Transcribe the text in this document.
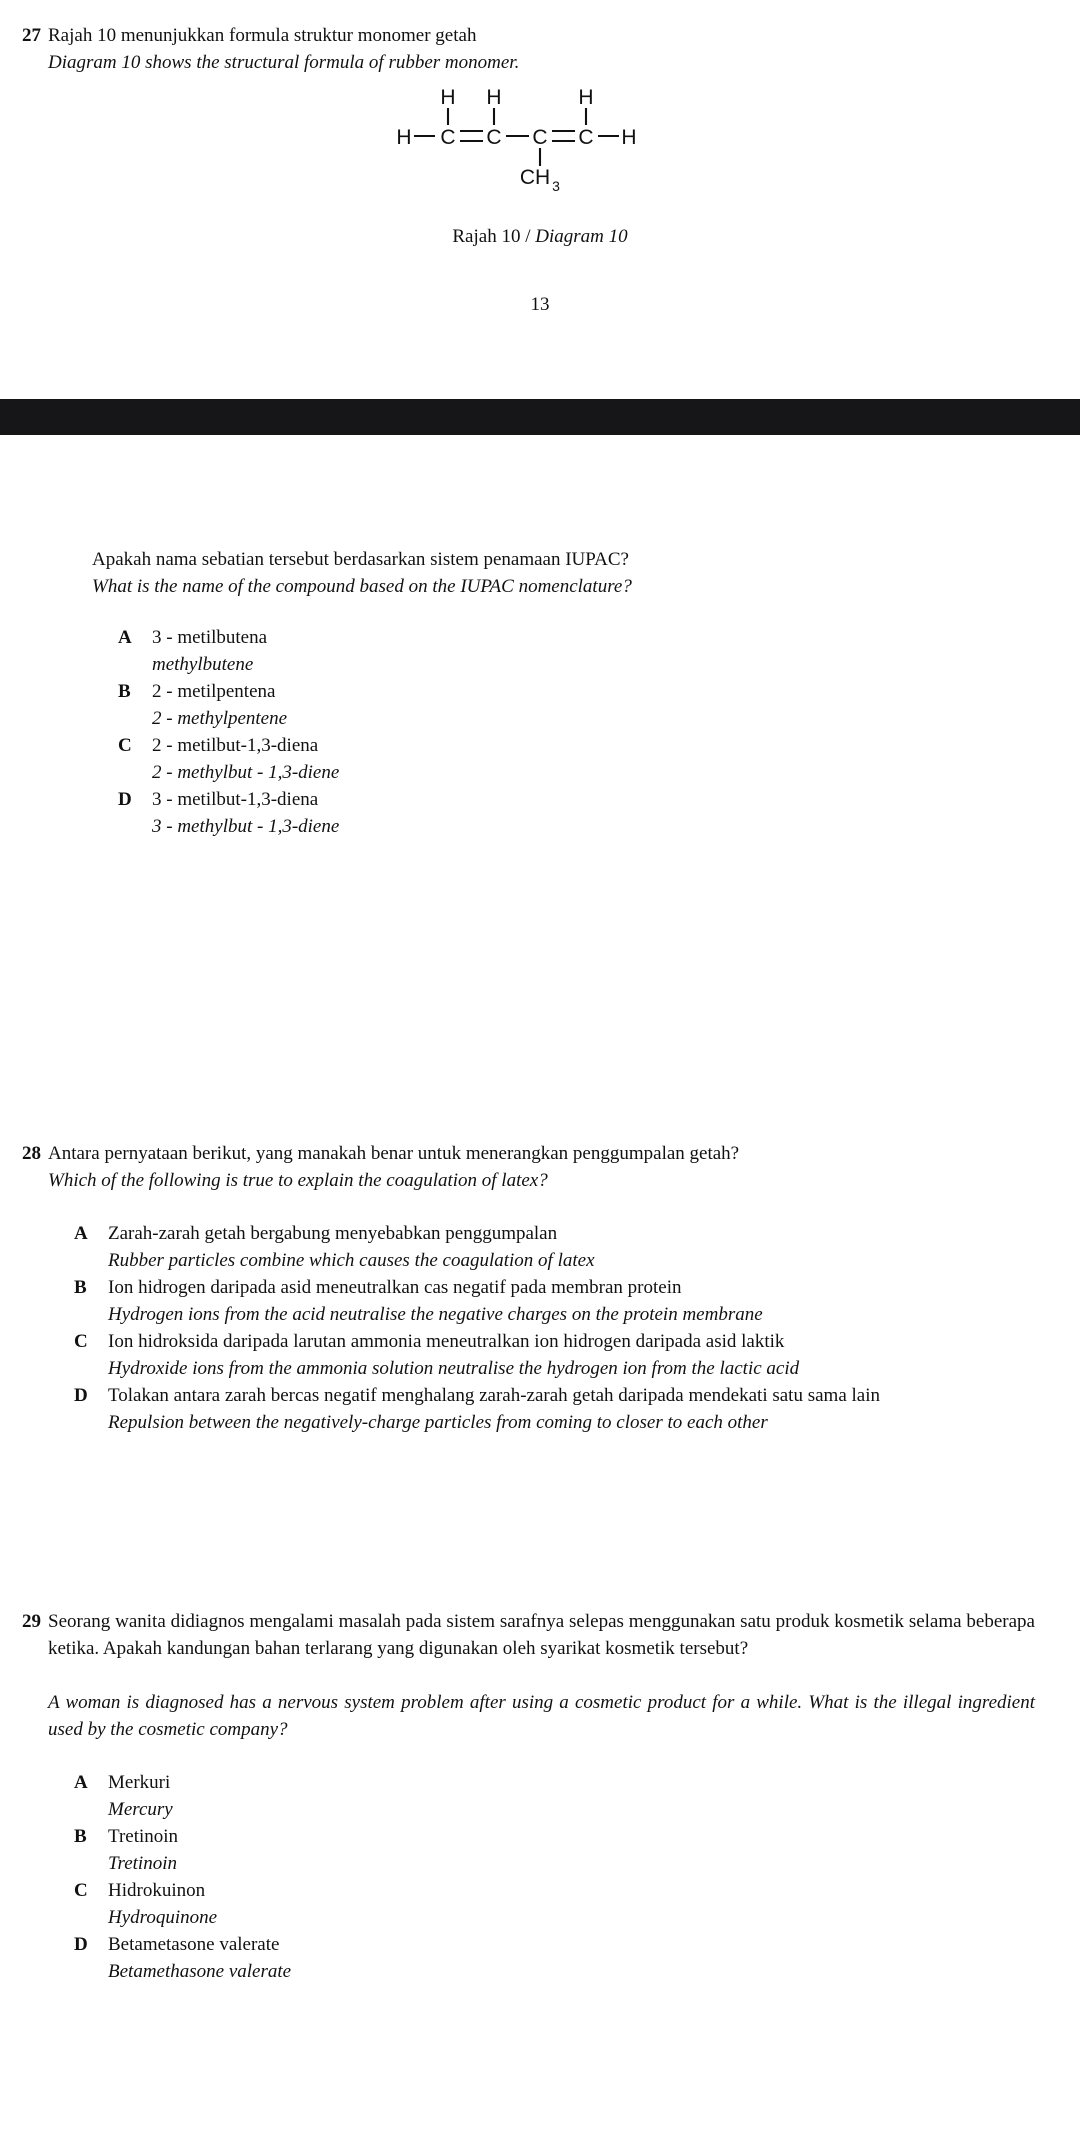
27 Rajah 10 menunjukkan formula struktur monomer getah
Diagram 10 shows the structural formula of rubber monomer.
H H	H
H C C C C H
CH 3
Rajah 10 / Diagram 10
13
Apakah nama sebatian tersebut berdasarkan sistem penamaan IUPAC?
What is the name of the compound based on the IUPAC nomenclature?
A	3 - metilbutena
methylbutene
B	2 - metilpentena
2 - methylpentene
C	2 - metilbut-1,3-diena
2 - methylbut - 1,3-diene
D	3 - metilbut-1,3-diena
3 - methylbut - 1,3-diene
28 Antara pernyataan berikut, yang manakah benar untuk menerangkan penggumpalan getah?
Which of the following is true to explain the coagulation of latex?
A	Zarah-zarah getah bergabung menyebabkan penggumpalan
Rubber particles combine which causes the coagulation of latex
B	Ion hidrogen daripada asid meneutralkan cas negatif pada membran protein
Hydrogen ions from the acid neutralise the negative charges on the protein membrane
C	Ion hidroksida daripada larutan ammonia meneutralkan ion hidrogen daripada asid laktik
Hydroxide ions from the ammonia solution neutralise the hydrogen ion from the lactic acid
D	Tolakan antara zarah bercas negatif menghalang zarah-zarah getah daripada mendekati satu sama lain
Repulsion between the negatively-charge particles from coming to closer to each other
29 Seorang wanita didiagnos mengalami masalah pada sistem sarafnya selepas menggunakan satu produk kosmetik selama beberapa ketika. Apakah kandungan bahan terlarang yang digunakan oleh syarikat kosmetik tersebut?
A woman is diagnosed has a nervous system problem after using a cosmetic product for a while. What is the illegal ingredient used by the cosmetic company?
A	Merkuri
Mercury
B	Tretinoin
Tretinoin
C	Hidrokuinon
Hydroquinone
D	Betametasone valerate
Betamethasone valerate
